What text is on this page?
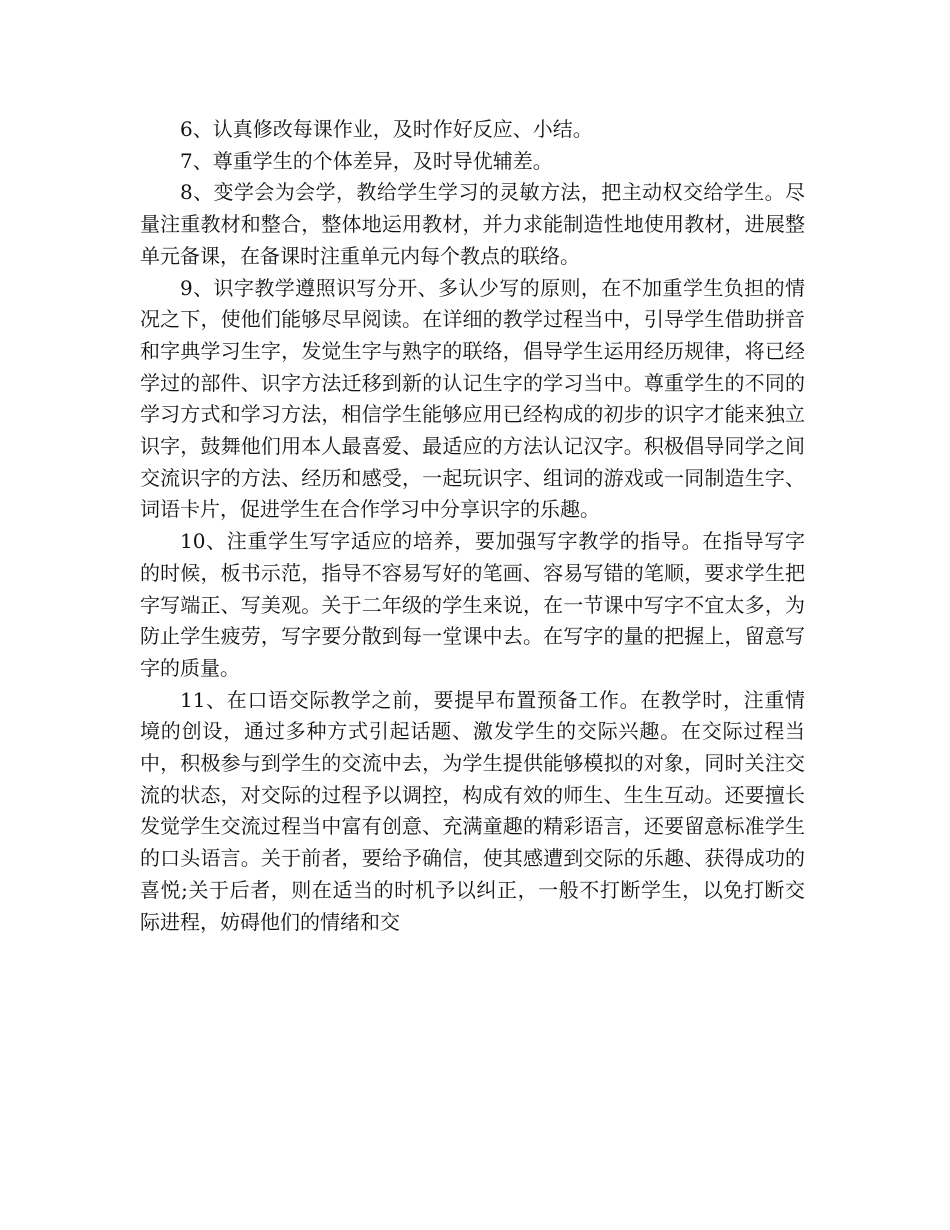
6、认真修改每课作业，及时作好反应、小结。

7、尊重学生的个体差异，及时导优辅差。

8、变学会为会学，教给学生学习的灵敏方法，把主动权交给学生。尽量注重教材和整合，整体地运用教材，并力求能制造性地使用教材，进展整单元备课，在备课时注重单元内每个教点的联络。

9、识字教学遵照识写分开、多认少写的原则，在不加重学生负担的情况之下，使他们能够尽早阅读。在详细的教学过程当中，引导学生借助拼音和字典学习生字，发觉生字与熟字的联络，倡导学生运用经历规律，将已经学过的部件、识字方法迁移到新的认记生字的学习当中。尊重学生的不同的学习方式和学习方法，相信学生能够应用已经构成的初步的识字才能来独立识字，鼓舞他们用本人最喜爱、最适应的方法认记汉字。积极倡导同学之间交流识字的方法、经历和感受，一起玩识字、组词的游戏或一同制造生字、词语卡片，促进学生在合作学习中分享识字的乐趣。

10、注重学生写字适应的培养，要加强写字教学的指导。在指导写字的时候，板书示范，指导不容易写好的笔画、容易写错的笔顺，要求学生把字写端正、写美观。关于二年级的学生来说，在一节课中写字不宜太多，为防止学生疲劳，写字要分散到每一堂课中去。在写字的量的把握上，留意写字的质量。

11、在口语交际教学之前，要提早布置预备工作。在教学时，注重情境的创设，通过多种方式引起话题、激发学生的交际兴趣。在交际过程当中，积极参与到学生的交流中去，为学生提供能够模拟的对象，同时关注交流的状态，对交际的过程予以调控，构成有效的师生、生生互动。还要擅长发觉学生交流过程当中富有创意、充满童趣的精彩语言，还要留意标准学生的口头语言。关于前者，要给予确信，使其感遭到交际的乐趣、获得成功的喜悦;关于后者，则在适当的时机予以纠正，一般不打断学生，以免打断交际进程，妨碍他们的情绪和交
